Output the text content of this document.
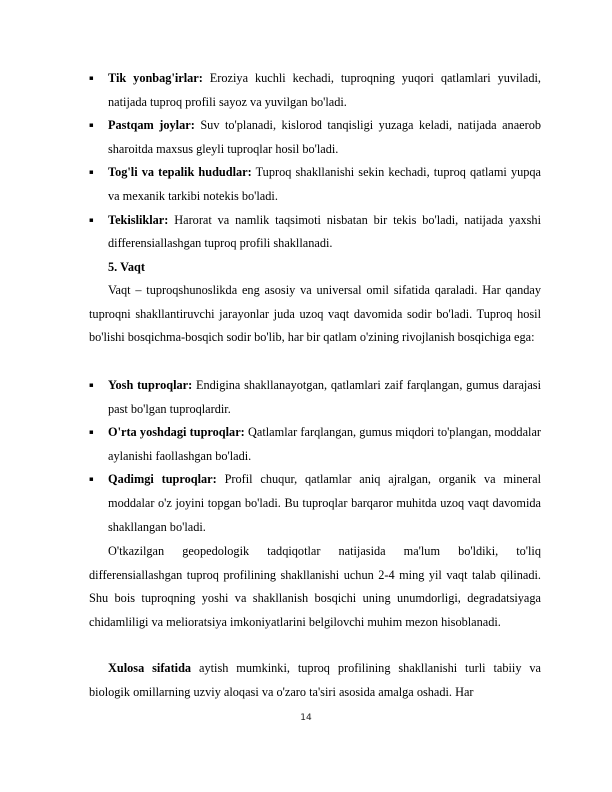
▪	Tik yonbag'irlar: Eroziya kuchli kechadi, tuproqning yuqori qatlamlari yuviladi, natijada tuproq profili sayoz va yuvilgan bo'ladi.

▪	Pastqam joylar: Suv to'planadi, kislorod tanqisligi yuzaga keladi, natijada anaerob sharoitda maxsus gleyli tuproqlar hosil bo'ladi.

▪	Tog'li va tepalik hududlar: Tuproq shakllanishi sekin kechadi, tuproq qatlami yupqa va mexanik tarkibi notekis bo'ladi.

▪	Tekisliklar: Harorat va namlik taqsimoti nisbatan bir tekis bo'ladi, natijada yaxshi differensiallashgan tuproq profili shakllanadi.

5. Vaqt

Vaqt – tuproqshunoslikda eng asosiy va universal omil sifatida qaraladi. Har qanday tuproqni shakllantiruvchi jarayonlar juda uzoq vaqt davomida sodir bo'ladi. Tuproq hosil bo'lishi bosqichma-bosqich sodir bo'lib, har bir qatlam o'zining rivojlanish bosqichiga ega:

▪	Yosh tuproqlar: Endigina shakllanayotgan, qatlamlari zaif farqlangan, gumus darajasi past bo'lgan tuproqlardir.

▪	O'rta yoshdagi tuproqlar: Qatlamlar farqlangan, gumus miqdori to'plangan, moddalar aylanishi faollashgan bo'ladi.

▪	Qadimgi tuproqlar: Profil chuqur, qatlamlar aniq ajralgan, organik va mineral moddalar o'z joyini topgan bo'ladi. Bu tuproqlar barqaror muhitda uzoq vaqt davomida shakllangan bo'ladi.

O'tkazilgan geopedologik tadqiqotlar natijasida ma'lum bo'ldiki, to'liq differensiallashgan tuproq profilining shakllanishi uchun 2-4 ming yil vaqt talab qilinadi. Shu bois tuproqning yoshi va shakllanish bosqichi uning unumdorligi, degradatsiyaga chidamliligi va melioratsiya imkoniyatlarini belgilovchi muhim mezon hisoblanadi.

Xulosa sifatida aytish mumkinki, tuproq profilining shakllanishi turli tabiiy va biologik omillarning uzviy aloqasi va o'zaro ta'siri asosida amalga oshadi. Har

14
